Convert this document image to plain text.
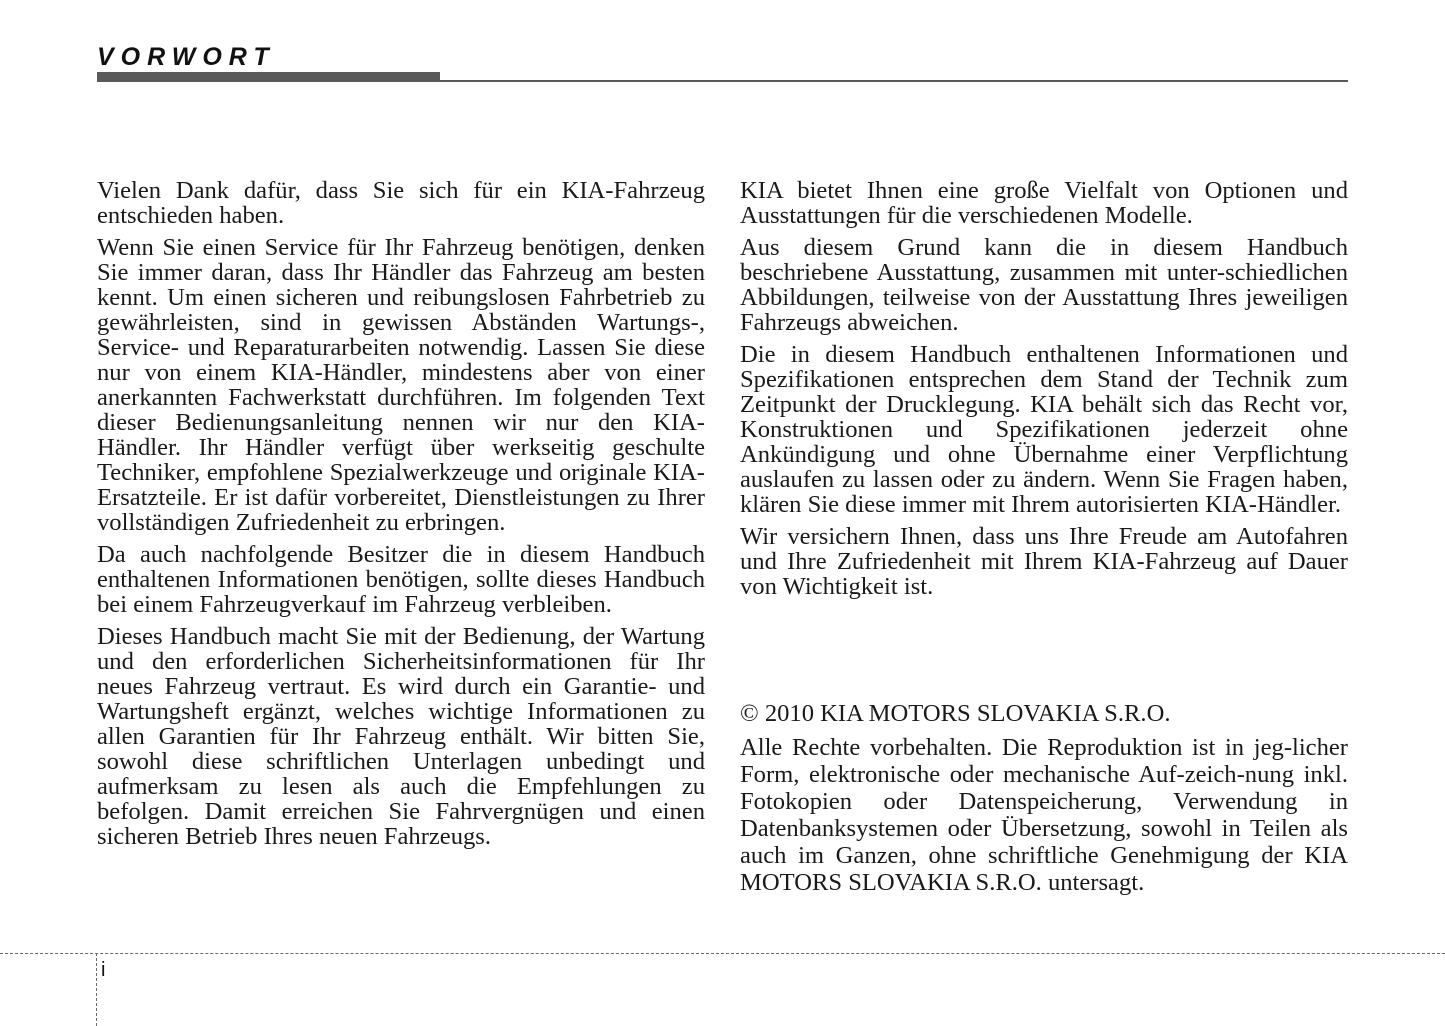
VORWORT

Vielen Dank dafür, dass Sie sich für ein KIA-Fahrzeug entschieden haben.

Wenn Sie einen Service für Ihr Fahrzeug benötigen, denken Sie immer daran, dass Ihr Händler das Fahrzeug am besten kennt. Um einen sicheren und reibungslosen Fahrbetrieb zu gewährleisten, sind in gewissen Abständen Wartungs-, Service- und Reparaturarbeiten notwendig. Lassen Sie diese nur von einem KIA-Händler, mindestens aber von einer anerkannten Fachwerkstatt durchführen. Im folgenden Text dieser Bedienungsanleitung nennen wir nur den KIA-Händler. Ihr Händler verfügt über werkseitig geschulte Techniker, empfohlene Spezialwerkzeuge und originale KIA-Ersatzteile. Er ist dafür vorbereitet, Dienstleistungen zu Ihrer vollständigen Zufriedenheit zu erbringen.

Da auch nachfolgende Besitzer die in diesem Handbuch enthaltenen Informationen benötigen, sollte dieses Handbuch bei einem Fahrzeugverkauf im Fahrzeug verbleiben.

Dieses Handbuch macht Sie mit der Bedienung, der Wartung und den erforderlichen Sicherheitsinformationen für Ihr neues Fahrzeug vertraut. Es wird durch ein Garantie- und Wartungsheft ergänzt, welches wichtige Informationen zu allen Garantien für Ihr Fahrzeug enthält. Wir bitten Sie, sowohl diese schriftlichen Unterlagen unbedingt und aufmerksam zu lesen als auch die Empfehlungen zu befolgen. Damit erreichen Sie Fahrvergnügen und einen sicheren Betrieb Ihres neuen Fahrzeugs.

KIA bietet Ihnen eine große Vielfalt von Optionen und Ausstattungen für die verschiedenen Modelle.

Aus diesem Grund kann die in diesem Handbuch beschriebene Ausstattung, zusammen mit unter-schiedlichen Abbildungen, teilweise von der Ausstattung Ihres jeweiligen Fahrzeugs abweichen.

Die in diesem Handbuch enthaltenen Informationen und Spezifikationen entsprechen dem Stand der Technik zum Zeitpunkt der Drucklegung. KIA behält sich das Recht vor, Konstruktionen und Spezifikationen jederzeit ohne Ankündigung und ohne Übernahme einer Verpflichtung auslaufen zu lassen oder zu ändern. Wenn Sie Fragen haben, klären Sie diese immer mit Ihrem autorisierten KIA-Händler.

Wir versichern Ihnen, dass uns Ihre Freude am Autofahren und Ihre Zufriedenheit mit Ihrem KIA-Fahrzeug auf Dauer von Wichtigkeit ist.

© 2010 KIA MOTORS SLOVAKIA S.R.O.

Alle Rechte vorbehalten. Die Reproduktion ist in jeg-licher Form, elektronische oder mechanische Auf-zeich-nung inkl. Fotokopien oder Datenspeicherung, Verwendung in Datenbanksystemen oder Übersetzung, sowohl in Teilen als auch im Ganzen, ohne schriftliche Genehmigung der KIA MOTORS SLOVAKIA S.R.O. untersagt.

i
